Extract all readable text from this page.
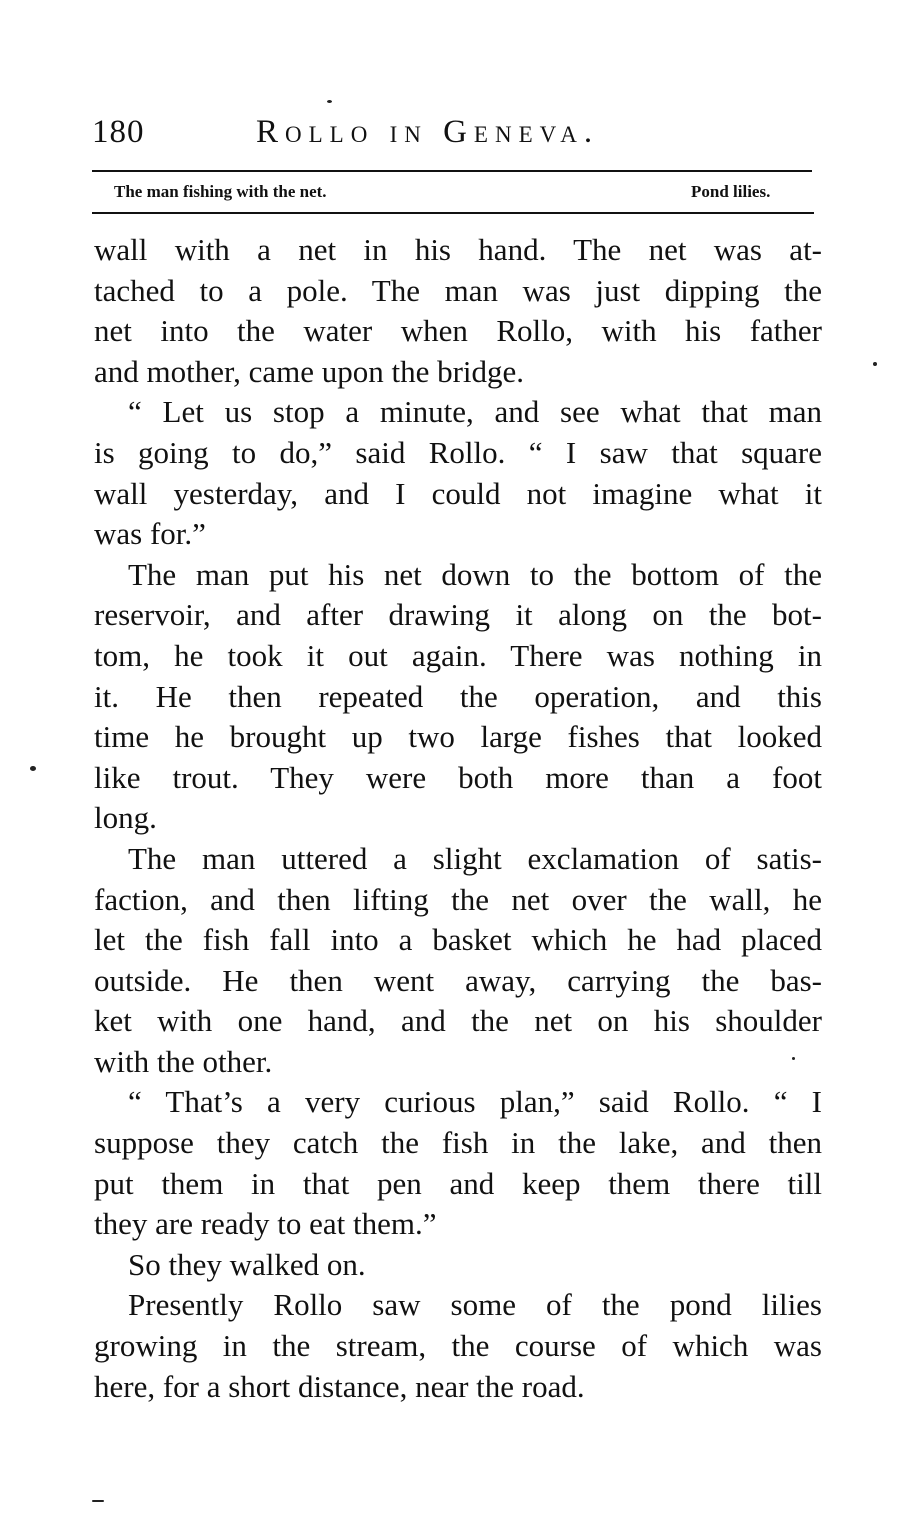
180	Rollo in Geneva.
The man fishing with the net.	Pond lilies.
wall with a net in his hand. The net was at-
tached to a pole. The man was just dipping the
net into the water when Rollo, with his father
and mother, came upon the bridge.
“ Let us stop a minute, and see what that man
is going to do,” said Rollo. “ I saw that square
wall yesterday, and I could not imagine what it
was for.”
The man put his net down to the bottom of the
reservoir, and after drawing it along on the bot-
tom, he took it out again. There was nothing in
it. He then repeated the operation, and this
time he brought up two large fishes that looked
like trout. They were both more than a foot
long.
The man uttered a slight exclamation of satis-
faction, and then lifting the net over the wall, he
let the fish fall into a basket which he had placed
outside. He then went away, carrying the bas-
ket with one hand, and the net on his shoulder
with the other.
“ That’s a very curious plan,” said Rollo. “ I
suppose they catch the fish in the lake, and then
put them in that pen and keep them there till
they are ready to eat them.”
So they walked on.
Presently Rollo saw some of the pond lilies
growing in the stream, the course of which was
here, for a short distance, near the road.
